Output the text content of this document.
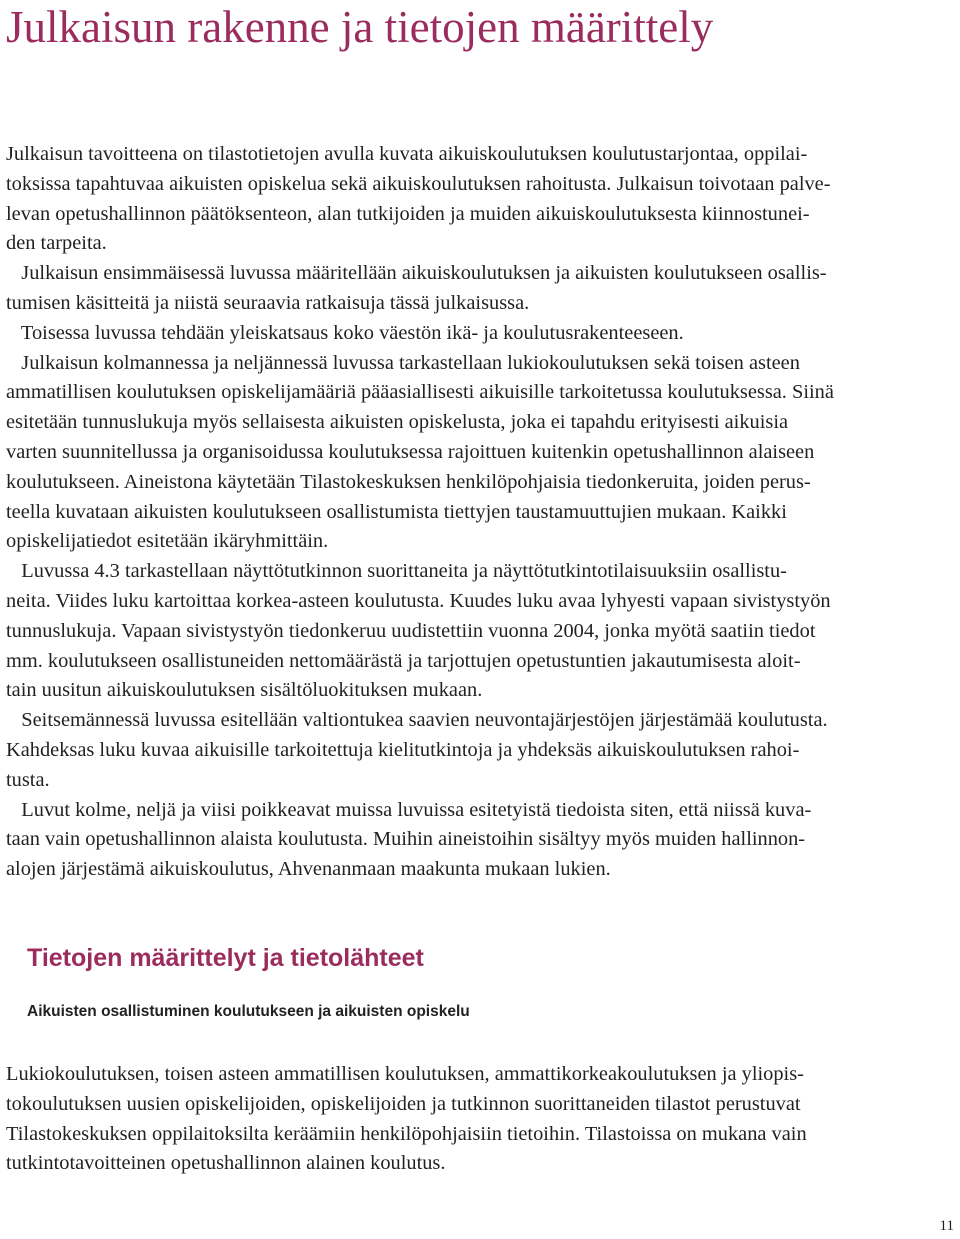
Julkaisun rakenne ja tietojen määrittely
Julkaisun tavoitteena on tilastotietojen avulla kuvata aikuiskoulutuksen koulutustarjontaa, oppilai-
toksissa tapahtuvaa aikuisten opiskelua sekä aikuiskoulutuksen rahoitusta. Julkaisun toivotaan palve-
levan opetushallinnon päätöksenteon, alan tutkijoiden ja muiden aikuiskoulutuksesta kiinnostunei-
den tarpeita.
Julkaisun ensimmäisessä luvussa määritellään aikuiskoulutuksen ja aikuisten koulutukseen osallis-
tumisen käsitteitä ja niistä seuraavia ratkaisuja tässä julkaisussa.
Toisessa luvussa tehdään yleiskatsaus koko väestön ikä- ja koulutusrakenteeseen.
Julkaisun kolmannessa ja neljännessä luvussa tarkastellaan lukiokoulutuksen sekä toisen asteen
ammatillisen koulutuksen opiskelijamääriä pääasiallisesti aikuisille tarkoitetussa koulutuksessa. Siinä
esitetään tunnuslukuja myös sellaisesta aikuisten opiskelusta, joka ei tapahdu erityisesti aikuisia
varten suunnitellussa ja organisoidussa koulutuksessa rajoittuen kuitenkin opetushallinnon alaiseen
koulutukseen. Aineistona käytetään Tilastokeskuksen henkilöpohjaisia tiedonkeruita, joiden perus-
teella kuvataan aikuisten koulutukseen osallistumista tiettyjen taustamuuttujien mukaan. Kaikki
opiskelijatiedot esitetään ikäryhmittäin.
Luvussa 4.3 tarkastellaan näyttötutkinnon suorittaneita ja näyttötutkintotilaisuuksiin osallistu-
neita. Viides luku kartoittaa korkea-asteen koulutusta. Kuudes luku avaa lyhyesti vapaan sivistystyön
tunnuslukuja. Vapaan sivistystyön tiedonkeruu uudistettiin vuonna 2004, jonka myötä saatiin tiedot
mm. koulutukseen osallistuneiden nettomäärästä ja tarjottujen opetustuntien jakautumisesta aloit-
tain uusitun aikuiskoulutuksen sisältöluokituksen mukaan.
Seitsemännessä luvussa esitellään valtiontukea saavien neuvontajärjestöjen järjestämää koulutusta.
Kahdeksas luku kuvaa aikuisille tarkoitettuja kielitutkintoja ja yhdeksäs aikuiskoulutuksen rahoi-
tusta.
Luvut kolme, neljä ja viisi poikkeavat muissa luvuissa esitetyistä tiedoista siten, että niissä kuva-
taan vain opetushallinnon alaista koulutusta. Muihin aineistoihin sisältyy myös muiden hallinnon-
alojen järjestämä aikuiskoulutus, Ahvenanmaan maakunta mukaan lukien.
Tietojen määrittelyt ja tietolähteet
Aikuisten osallistuminen koulutukseen ja aikuisten opiskelu
Lukiokoulutuksen, toisen asteen ammatillisen koulutuksen, ammattikorkeakoulutuksen ja yliopis-
tokoulutuksen uusien opiskelijoiden, opiskelijoiden ja tutkinnon suorittaneiden tilastot perustuvat
Tilastokeskuksen oppilaitoksilta keräämiin henkilöpohjaisiin tietoihin. Tilastoissa on mukana vain
tutkintotavoitteinen opetushallinnon alainen koulutus.
11
